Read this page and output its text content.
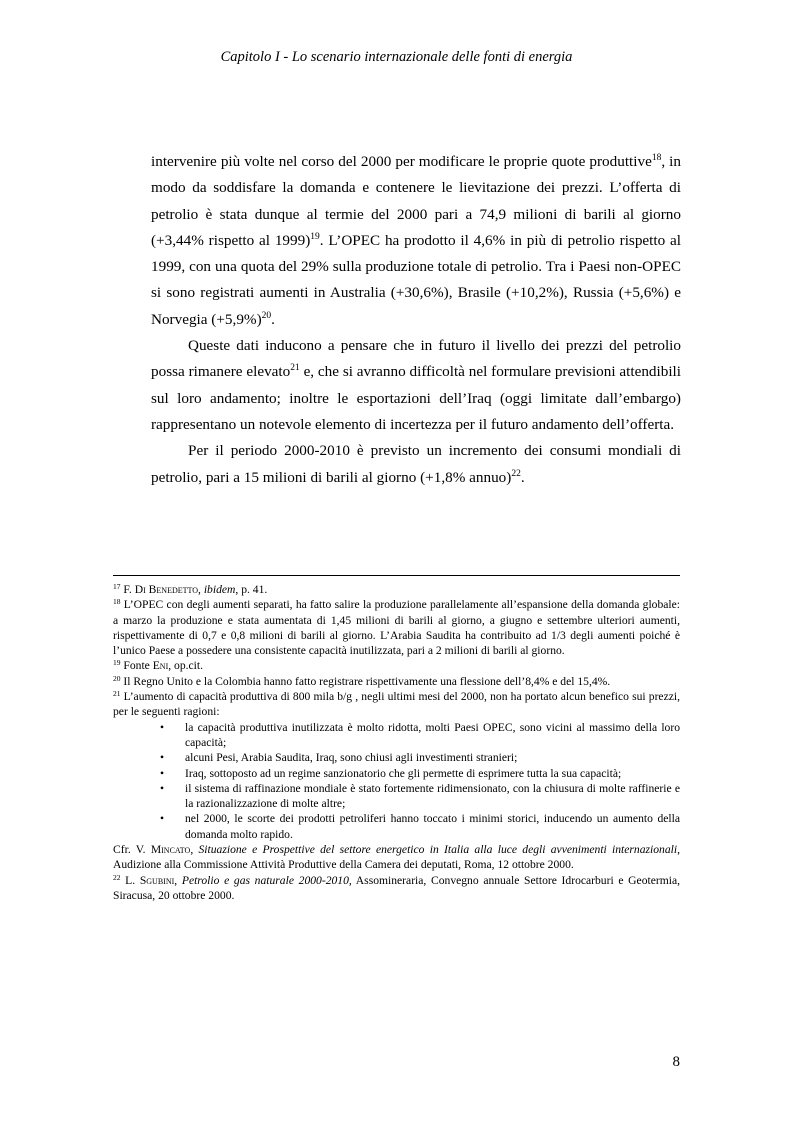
Capitolo I - Lo scenario internazionale delle fonti di energia

intervenire più volte nel corso del 2000 per modificare le proprie quote produttive$^{18}$, in modo da soddisfare la domanda e contenere le lievitazione dei prezzi. L’offerta di petrolio è stata dunque al termie del 2000 pari a 74,9 milioni di barili al giorno (+3,44% rispetto al 1999)$^{19}$. L’OPEC ha prodotto il 4,6% in più di petrolio rispetto al 1999, con una quota del 29% sulla produzione totale di petrolio. Tra i Paesi non-OPEC si sono registrati aumenti in Australia (+30,6%), Brasile (+10,2%), Russia (+5,6%) e Norvegia $(+5,9\%)^{20}$.

Queste dati inducono a pensare che in futuro il livello dei prezzi del petrolio possa rimanere elevato$^{21}$ e, che si avranno difficoltà nel formulare previsioni attendibili sul loro andamento; inoltre le esportazioni dell’Iraq (oggi limitate dall’embargo) rappresentano un notevole elemento di incertezza per il futuro andamento dell’offerta.

Per il periodo 2000-2010 è previsto un incremento dei consumi mondiali di petrolio, pari a 15 milioni di barili al giorno (+1,8% annuo)$^{22}$.

$^{17}$ F. Di Benedetto, ibidem, p. 41.

$^{18}$ L’OPEC con degli aumenti separati, ha fatto salire la produzione parallelamente all’espansione della domanda globale: a marzo la produzione e stata aumentata di 1,45 milioni di barili al giorno, a giugno e settembre ulteriori aumenti, rispettivamente di 0,7 e 0,8 milioni di barili al giorno. L’Arabia Saudita ha contribuito ad 1/3 degli aumenti poiché è l’unico Paese a possedere una consistente capacità inutilizzata, pari a 2 milioni di barili al giorno.

$^{19}$ Fonte Eni, op.cit.

$^{20}$ Il Regno Unito e la Colombia hanno fatto registrare rispettivamente una flessione dell’8,4% e del 15,4%.

$^{21}$ L’aumento di capacità produttiva di 800 mila b/g , negli ultimi mesi del 2000, non ha portato alcun benefico sui prezzi, per le seguenti ragioni:

• la capacità produttiva inutilizzata è molto ridotta, molti Paesi OPEC, sono vicini al massimo della loro capacità;
• alcuni Pesi, Arabia Saudita, Iraq, sono chiusi agli investimenti stranieri;
• Iraq, sottoposto ad un regime sanzionatorio che gli permette di esprimere tutta la sua capacità;
• il sistema di raffinazione mondiale è stato fortemente ridimensionato, con la chiusura di molte raffinerie e la razionalizzazione di molte altre;
• nel 2000, le scorte dei prodotti petroliferi hanno toccato i minimi storici, inducendo un aumento della domanda molto rapido.

Cfr. V. Mincato, Situazione e Prospettive del settore energetico in Italia alla luce degli avvenimenti internazionali, Audizione alla Commissione Attività Produttive della Camera dei deputati, Roma, 12 ottobre 2000.

$^{22}$ L. Sgubini, Petrolio e gas naturale 2000-2010, Assomineraria, Convegno annuale Settore Idrocarburi e Geotermia, Siracusa, 20 ottobre 2000.

8
